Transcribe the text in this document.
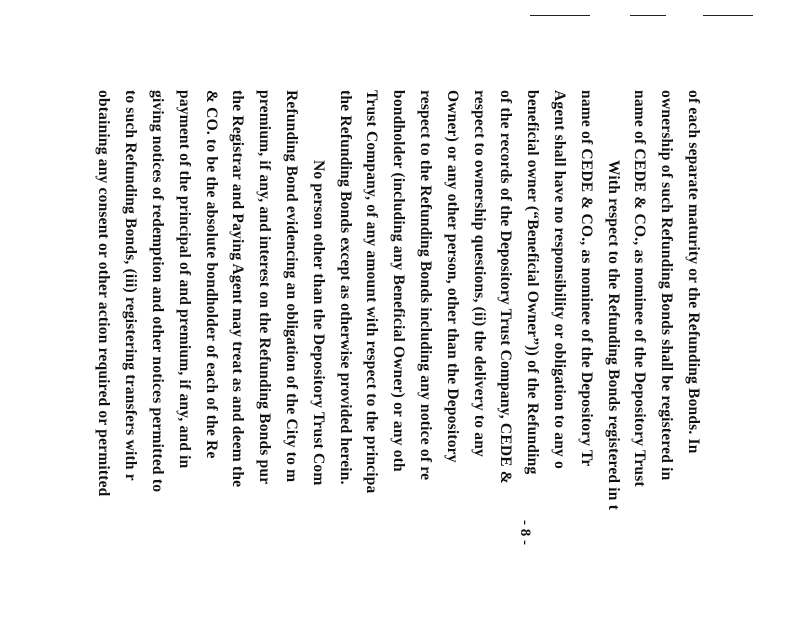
of each separate maturity or the Refunding Bonds. In
ownership of such Refunding Bonds shall be registered in
name of CEDE & CO., as nominee of the Depository Trust
With respect to the Refunding Bonds registered in t
name of CEDE & CO., as nominee of the Depository Tr
Agent shall have no responsibility or obligation to any o
beneficial owner (“Beneficial Owner”)) of the Refunding
of the records of the Depository Trust Company, CEDE &
respect to ownership questions, (ii) the delivery to any
Owner) or any other person, other than the Depository
respect to the Refunding Bonds including any notice of re
bondholder (including any Beneficial Owner) or any oth
Trust Company, of any amount with respect to the principa
the Refunding Bonds except as otherwise provided herein.
No person other than the Depository Trust Com
Refunding Bond evidencing an obligation of the City to m
premium, if any, and interest on the Refunding Bonds pur
the Registrar and Paying Agent may treat as and deem the
& CO. to be the absolute bondholder of each of the Re
payment of the principal of and premium, if any, and in
giving notices of redemption and other notices permitted to
to such Refunding Bonds, (iii) registering transfers with r
obtaining any consent or other action required or permitted
- 8 -
